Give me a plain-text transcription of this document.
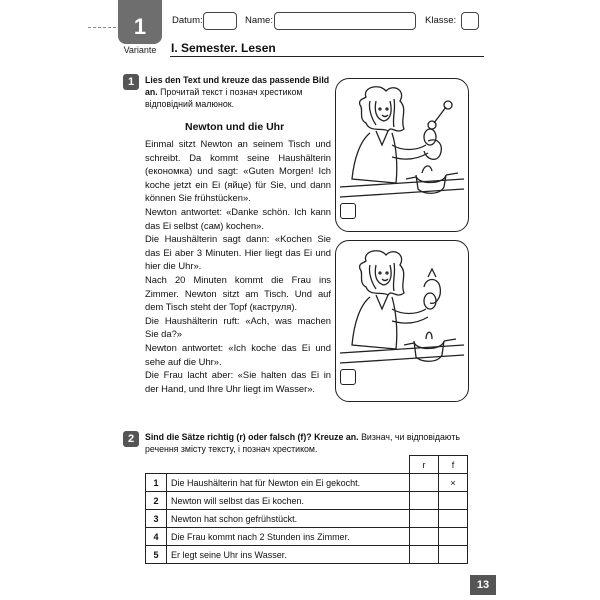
1
Variante
Datum:	Name:	Klasse:
I. Semester. Lesen
1	Lies den Text und kreuze das passende Bild an. Прочитай текст і познач хрестиком відповідний малюнок.
Newton und die Uhr

Einmal sitzt Newton an seinem Tisch und schreibt. Da kommt seine Haushälterin (економка) und sagt: «Guten Morgen! Ich koche jetzt ein Ei (яйце) für Sie, und dann können Sie frühstücken».

Newton antwortet: «Danke schön. Ich kann das Ei selbst (сам) kochen».

Die Haushälterin sagt dann: «Kochen Sie das Ei aber 3 Minuten. Hier liegt das Ei und hier die Uhr».

Nach 20 Minuten kommt die Frau ins Zimmer. Newton sitzt am Tisch. Und auf dem Tisch steht der Topf (каструля).

Die Haushälterin ruft: «Ach, was machen Sie da?»

Newton antwortet: «Ich koche das Ei und sehe auf die Uhr».

Die Frau lacht aber: «Sie halten das Ei in der Hand, und Ihre Uhr liegt im Wasser».

2	Sind die Sätze richtig (r) oder falsch (f)? Kreuze an. Визнач, чи відповідають речення змісту тексту, і познач хрестиком.
		r	f
1	Die Haushälterin hat für Newton ein Ei gekocht.		×
2	Newton will selbst das Ei kochen.		
3	Newton hat schon gefrühstückt.		
4	Die Frau kommt nach 2 Stunden ins Zimmer.		
5	Er legt seine Uhr ins Wasser.		
13
